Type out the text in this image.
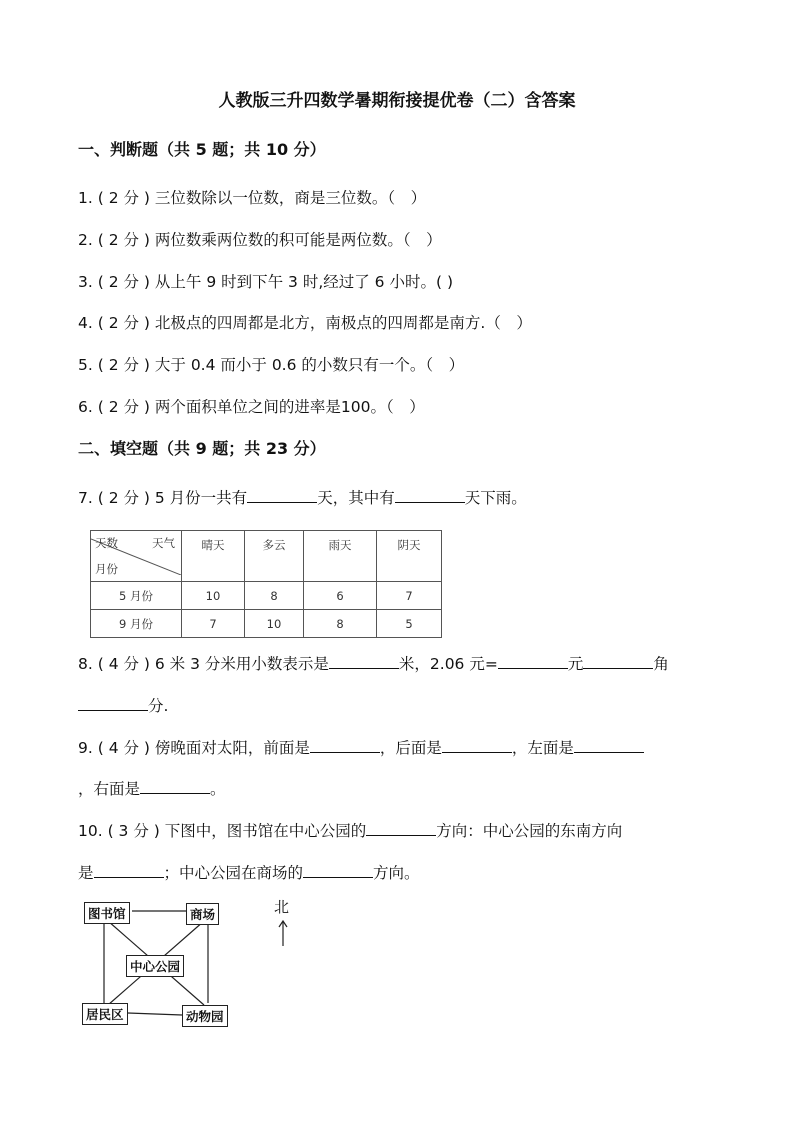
人教版三升四数学暑期衔接提优卷（二）含答案
一、判断题（共 5 题；共 10 分）
1. ( 2 分 ) 三位数除以一位数，商是三位数。（　）
2. ( 2 分 ) 两位数乘两位数的积可能是两位数。（　）
3. ( 2 分 ) 从上午 9 时到下午 3 时,经过了 6 小时。( )
4. ( 2 分 ) 北极点的四周都是北方，南极点的四周都是南方.（　）
5. ( 2 分 ) 大于 0.4 而小于 0.6 的小数只有一个。（　）
6. ( 2 分 ) 两个面积单位之间的进率是100。（　）
二、填空题（共 9 题；共 23 分）
7. ( 2 分 ) 5 月份一共有	天，其中有	天下雨。
天数 天气
月份	晴天	多云	雨天	阴天
5 月份	10	8	6	7
9 月份	7	10	8	5
8. ( 4 分 ) 6 米 3 分米用小数表示是	米，2.06 元=	元	角
分.
9. ( 4 分 ) 傍晚面对太阳，前面是	，后面是	，左面是
，右面是	。
10. ( 3 分 ) 下图中，图书馆在中心公园的	方向：中心公园的东南方向
是	；中心公园在商场的	方向。
图书馆	商场
中心公园
居民区	动物园
北
